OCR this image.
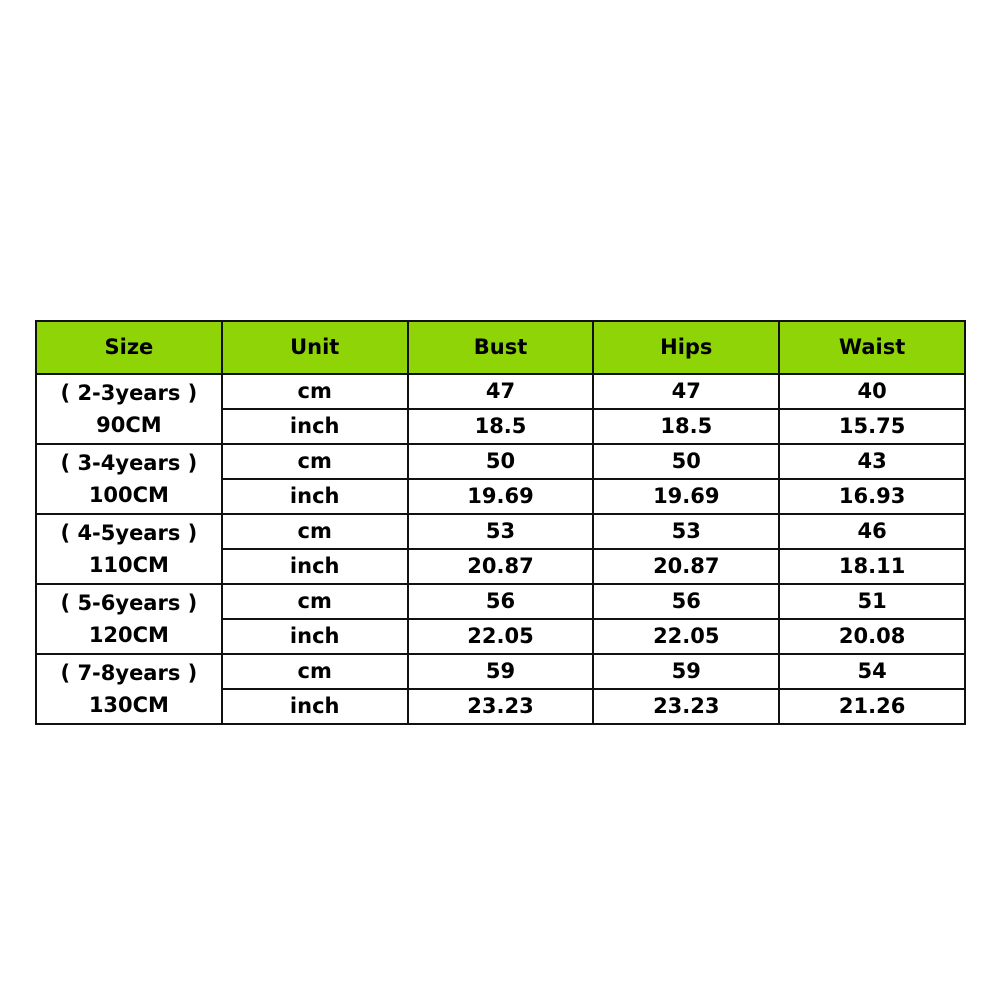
Size	Unit	Bust	Hips	Waist

( 2-3years )
90CM	cm	47	47	40
	inch	18.5	18.5	15.75

( 3-4years )
100CM	cm	50	50	43
	inch	19.69	19.69	16.93

( 4-5years )
110CM	cm	53	53	46
	inch	20.87	20.87	18.11

( 5-6years )
120CM	cm	56	56	51
	inch	22.05	22.05	20.08

( 7-8years )
130CM	cm	59	59	54
	inch	23.23	23.23	21.26
